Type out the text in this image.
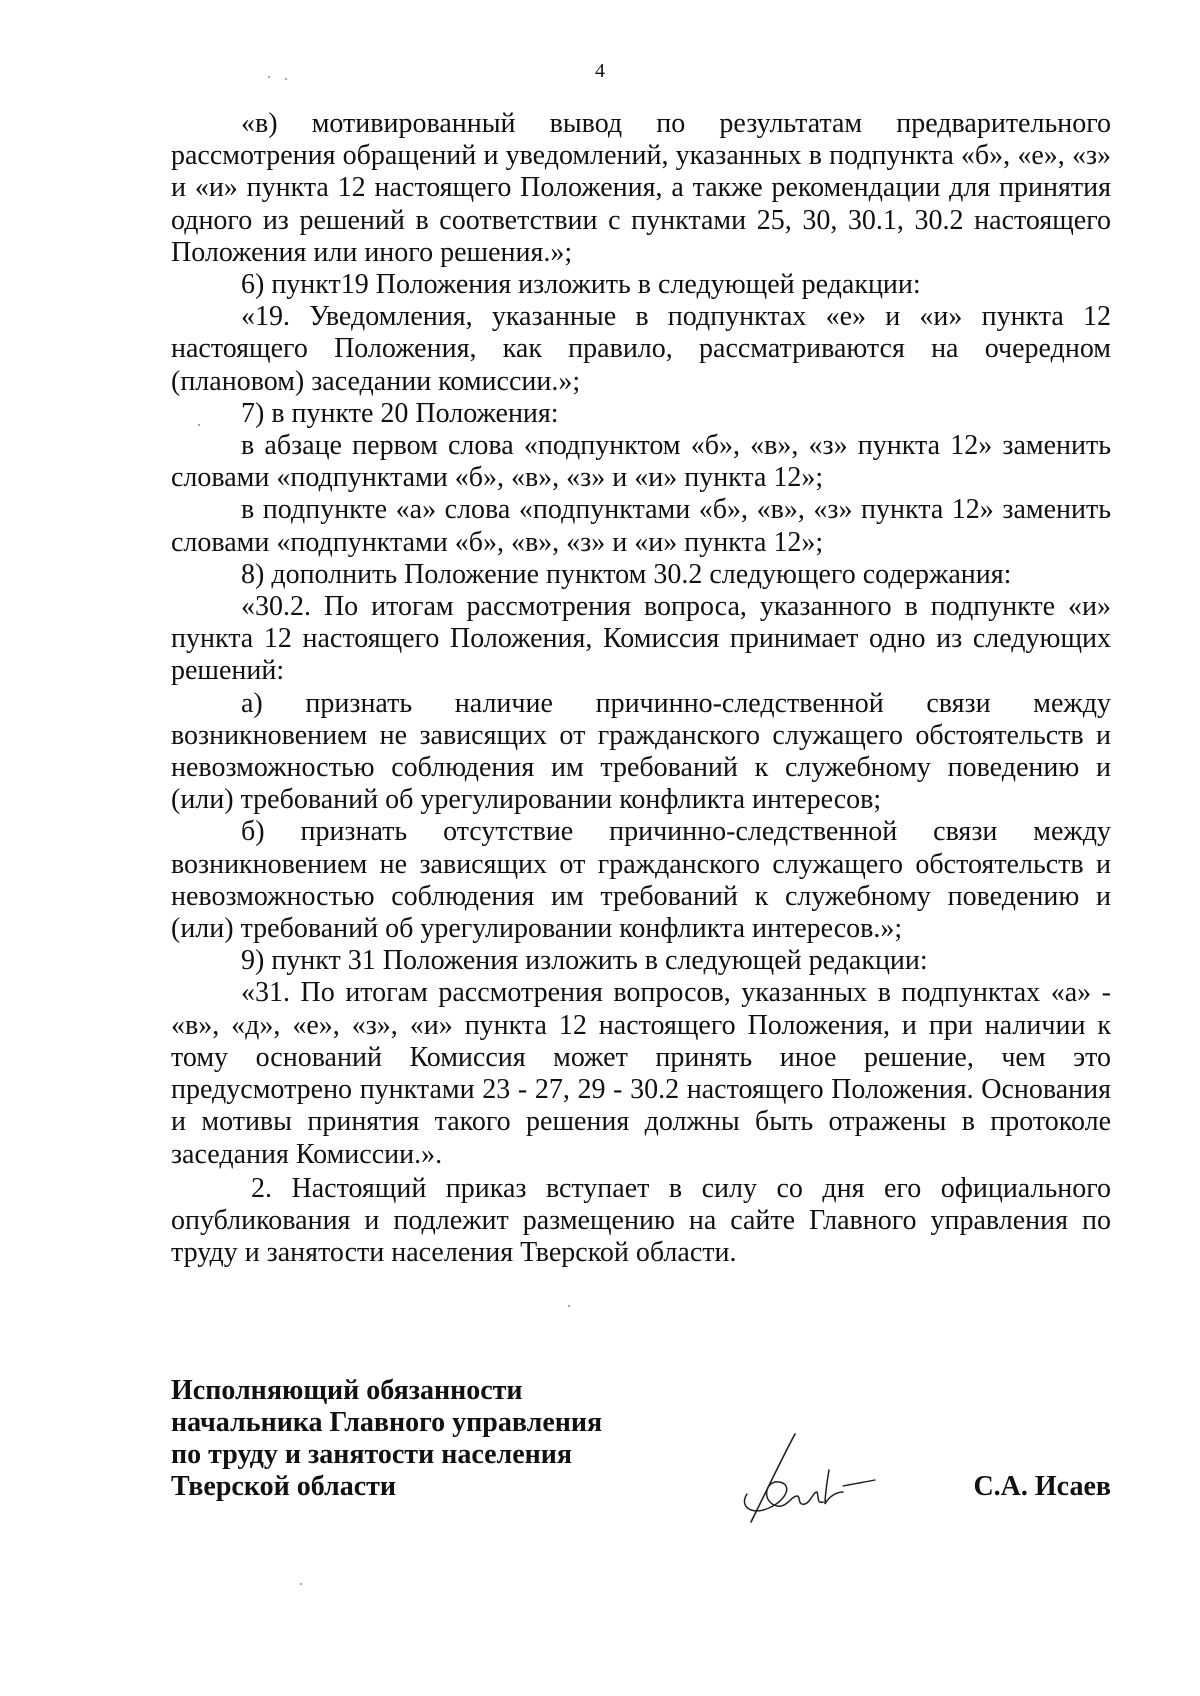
4

«в) мотивированный вывод по результатам предварительного рассмотрения обращений и уведомлений, указанных в подпункта «б», «е», «з» и «и» пункта 12 настоящего Положения, а также рекомендации для принятия одного из решений в соответствии с пунктами 25, 30, 30.1, 30.2 настоящего Положения или иного решения.»;

6) пункт19 Положения изложить в следующей редакции:

«19. Уведомления, указанные в подпунктах «е» и «и» пункта 12 настоящего Положения, как правило, рассматриваются на очередном (плановом) заседании комиссии.»;

7) в пункте 20 Положения:

в абзаце первом слова «подпунктом «б», «в», «з» пункта 12» заменить словами «подпунктами «б», «в», «з» и «и» пункта 12»;

в подпункте «а» слова «подпунктами «б», «в», «з» пункта 12» заменить словами «подпунктами «б», «в», «з» и «и» пункта 12»;

8) дополнить Положение пунктом 30.2 следующего содержания:

«30.2. По итогам рассмотрения вопроса, указанного в подпункте «и» пункта 12 настоящего Положения, Комиссия принимает одно из следующих решений:

а) признать наличие причинно-следственной связи между возникновением не зависящих от гражданского служащего обстоятельств и невозможностью соблюдения им требований к служебному поведению и (или) требований об урегулировании конфликта интересов;

б) признать отсутствие причинно-следственной связи между возникновением не зависящих от гражданского служащего обстоятельств и невозможностью соблюдения им требований к служебному поведению и (или) требований об урегулировании конфликта интересов.»;

9) пункт 31 Положения изложить в следующей редакции:

«31. По итогам рассмотрения вопросов, указанных в подпунктах «а» - «в», «д», «е», «з», «и» пункта 12 настоящего Положения, и при наличии к тому оснований Комиссия может принять иное решение, чем это предусмотрено пунктами 23 - 27, 29 - 30.2 настоящего Положения. Основания и мотивы принятия такого решения должны быть отражены в протоколе заседания Комиссии.».

2. Настоящий приказ вступает в силу со дня его официального опубликования и подлежит размещению на сайте Главного управления по труду и занятости населения Тверской области.

Исполняющий обязанности
начальника Главного управления
по труду и занятости населения
Тверской области	С.А. Исаев
